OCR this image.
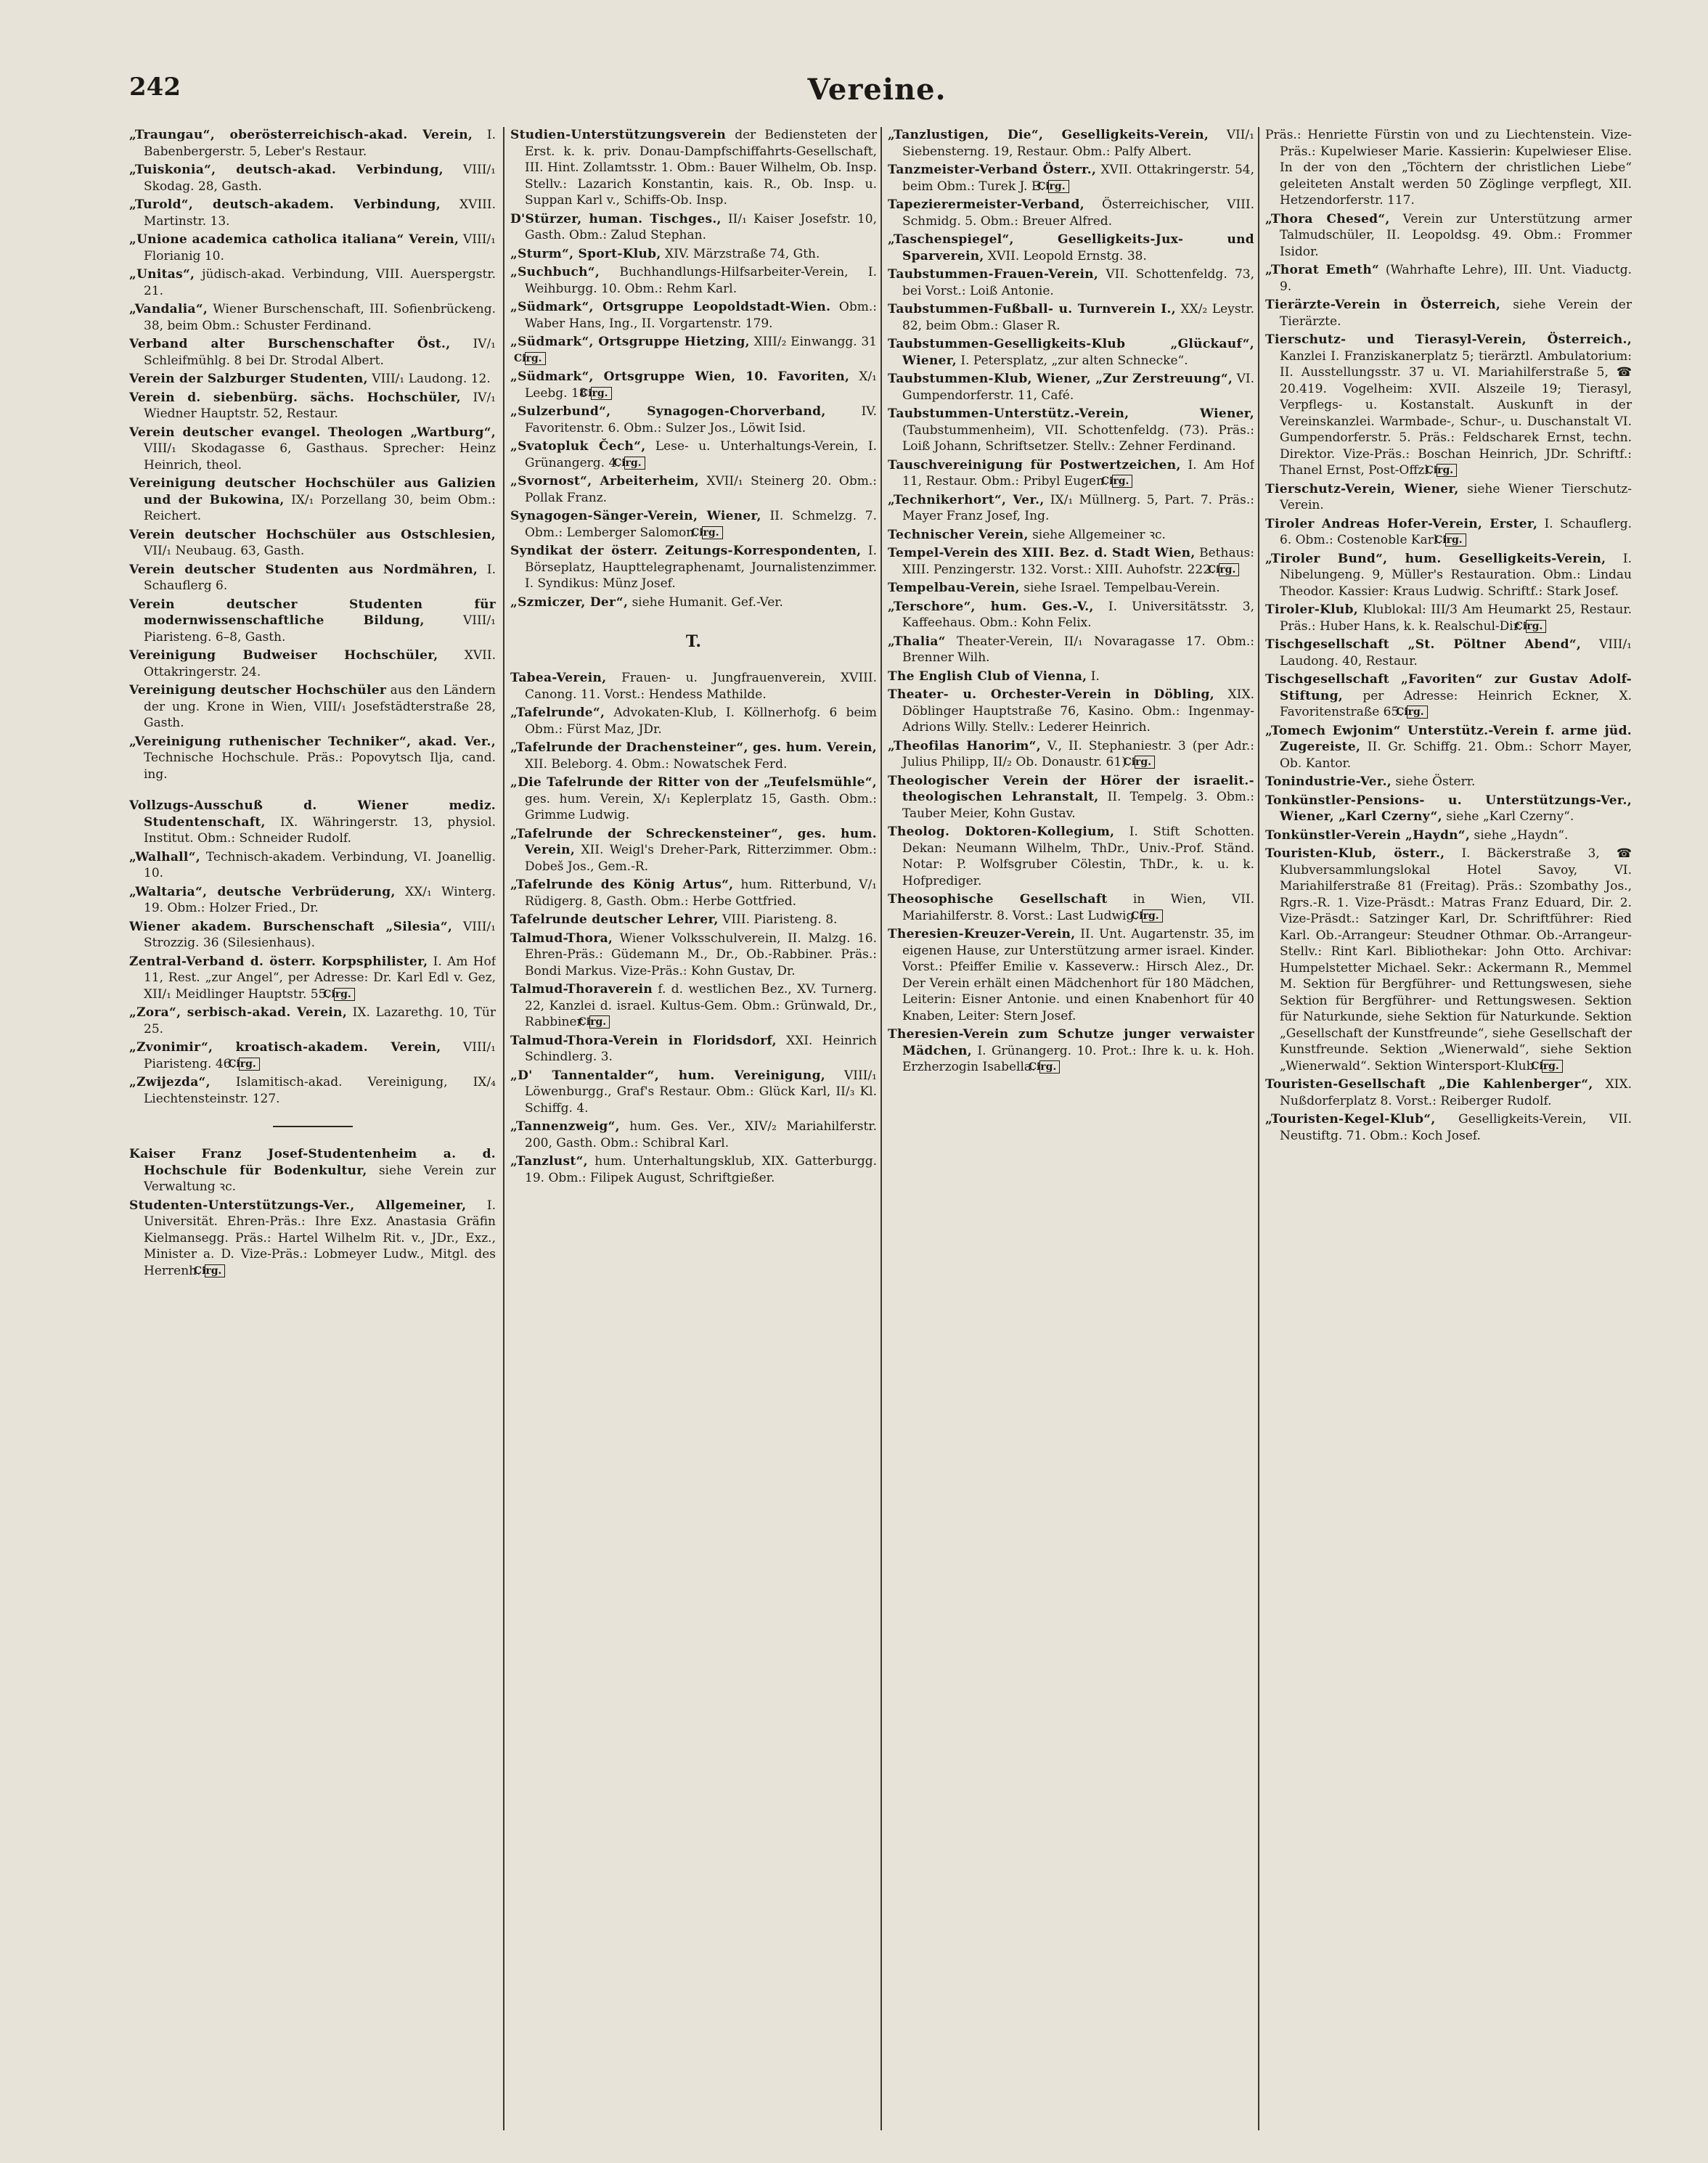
242	Vereine.
„Traungau“, oberösterreichisch-akad. Verein, I. Babenbergerstr. 5, Leber's Restaur.
„Tuiskonia“, deutsch-akad. Verbindung, VIII/₁ Skodag. 28, Gasth.
„Turold“, deutsch-akadem. Verbindung, XVIII. Martinstr. 13.
„Unione academica catholica italiana“ Verein, VIII/₁ Florianig 10.
„Unitas“, jüdisch-akad. Verbindung, VIII. Auerspergstr. 21.
„Vandalia“, Wiener Burschenschaft, III. Sofienbrückeng. 38, beim Obm.: Schuster Ferdinand.
Verband alter Burschenschafter Öst., IV/₁ Schleifmühlg. 8 bei Dr. Strodal Albert.
Verein der Salzburger Studenten, VIII/₁ Laudong. 12.
Verein d. siebenbürg. sächs. Hochschüler, IV/₁ Wiedner Hauptstr. 52, Restaur.
Verein deutscher evangel. Theologen „Wartburg“, VIII/₁ Skodagasse 6, Gasthaus. Sprecher: Heinz Heinrich, theol.
Vereinigung deutscher Hochschüler aus Galizien und der Bukowina, IX/₁ Porzellang 30, beim Obm.: Reichert.
Verein deutscher Hochschüler aus Ostschlesien, VII/₁ Neubaug. 63, Gasth.
Verein deutscher Studenten aus Nordmähren, I. Schauflerg 6.
Verein deutscher Studenten für modernwissenschaftliche Bildung, VIII/₁ Piaristeng. 6–8, Gasth.
Vereinigung Budweiser Hochschüler, XVII. Ottakringerstr. 24.
Vereinigung deutscher Hochschüler aus den Ländern der ung. Krone in Wien, VIII/₁ Josefstädterstraße 28, Gasth.
„Vereinigung ruthenischer Techniker“, akad. Ver., Technische Hochschule. Präs.: Popovytsch Ilja, cand. ing.
Vollzugs-Ausschuß d. Wiener mediz. Studentenschaft, IX. Währingerstr. 13, physiol. Institut. Obm.: Schneider Rudolf.
„Walhall“, Technisch-akadem. Verbindung, VI. Joanellig. 10.
„Waltaria“, deutsche Verbrüderung, XX/₁ Winterg. 19. Obm.: Holzer Fried., Dr.
Wiener akadem. Burschenschaft „Silesia“, VIII/₁ Strozzig. 36 (Silesienhaus).
Zentral-Verband d. österr. Korpsphilister, I. Am Hof 11, Rest. „zur Angel“, per Adresse: Dr. Karl Edl v. Gez, XII/₁ Meidlinger Hauptstr. 55. Cirg.
„Zora“, serbisch-akad. Verein, IX. Lazarethg. 10, Tür 25.
„Zvonimir“, kroatisch-akadem. Verein, VIII/₁ Piaristeng. 46. Cirg.
„Zwijezda“, Islamitisch-akad. Vereinigung, IX/₄ Liechtensteinstr. 127.
Kaiser Franz Josef-Studentenheim a. d. Hochschule für Bodenkultur, siehe Verein zur Verwaltung ꝛc.
Studenten-Unterstützungs-Ver., Allgemeiner, I. Universität. Ehren-Präs.: Ihre Exz. Anastasia Gräfin Kielmansegg. Präs.: Hartel Wilhelm Rit. v., JDr., Exz., Minister a. D. Vize-Präs.: Lobmeyer Ludw., Mitgl. des Herrenh. Cirg.
Studien-Unterstützungsverein der Bediensteten der Erst. k. k. priv. Donau-Dampfschiffahrts-Gesellschaft, III. Hint. Zollamtsstr. 1. Obm.: Bauer Wilhelm, Ob. Insp. Stellv.: Lazarich Konstantin, kais. R., Ob. Insp. u. Suppan Karl v., Schiffs-Ob. Insp.
D'Stürzer, human. Tischges., II/₁ Kaiser Josefstr. 10, Gasth. Obm.: Zalud Stephan.
„Sturm“, Sport-Klub, XIV. Märzstraße 74, Gth.
„Suchbuch“, Buchhandlungs-Hilfsarbeiter-Verein, I. Weihburgg. 10. Obm.: Rehm Karl.
„Südmark“, Ortsgruppe Leopoldstadt-Wien. Obm.: Waber Hans, Ing., II. Vorgartenstr. 179.
„Südmark“, Ortsgruppe Hietzing, XIII/₂ Einwangg. 31 Cirg.
„Südmark“, Ortsgruppe Wien, 10. Favoriten, X/₁ Leebg. 18 Cirg.
„Sulzerbund“, Synagogen-Chorverband, IV. Favoritenstr. 6. Obm.: Sulzer Jos., Löwit Isid.
„Svatopluk Čech“, Lese- u. Unterhaltungs-Verein, I. Grünangerg. 4. Cirg.
„Svornost“, Arbeiterheim, XVII/₁ Steinerg 20. Obm.: Pollak Franz.
Synagogen-Sänger-Verein, Wiener, II. Schmelzg. 7. Obm.: Lemberger Salomon. Cirg.
Syndikat der österr. Zeitungs-Korrespondenten, I. Börseplatz, Haupttelegraphenamt, Journalistenzimmer. I. Syndikus: Münz Josef.
„Szmiczer, Der“, siehe Humanit. Gef.-Ver.
T.
Tabea-Verein, Frauen- u. Jungfrauenverein, XVIII. Canong. 11. Vorst.: Hendess Mathilde.
„Tafelrunde“, Advokaten-Klub, I. Köllnerhofg. 6 beim Obm.: Fürst Maz, JDr.
„Tafelrunde der Drachensteiner“, ges. hum. Verein, XII. Beleborg. 4. Obm.: Nowatschek Ferd.
„Die Tafelrunde der Ritter von der „Teufelsmühle“, ges. hum. Verein, X/₁ Keplerplatz 15, Gasth. Obm.: Grimme Ludwig.
„Tafelrunde der Schreckensteiner“, ges. hum. Verein, XII. Weigl's Dreher-Park, Ritterzimmer. Obm.: Dobeš Jos., Gem.-R.
„Tafelrunde des König Artus“, hum. Ritterbund, V/₁ Rüdigerg. 8, Gasth. Obm.: Herbe Gottfried.
Tafelrunde deutscher Lehrer, VIII. Piaristeng. 8.
Talmud-Thora, Wiener Volksschulverein, II. Malzg. 16. Ehren-Präs.: Güdemann M., Dr., Ob.-Rabbiner. Präs.: Bondi Markus. Vize-Präs.: Kohn Gustav, Dr.
Talmud-Thoraverein f. d. westlichen Bez., XV. Turnerg. 22, Kanzlei d. israel. Kultus-Gem. Obm.: Grünwald, Dr., Rabbiner. Cirg.
Talmud-Thora-Verein in Floridsdorf, XXI. Heinrich Schindlerg. 3.
„D' Tannentalder“, hum. Vereinigung, VIII/₁ Löwenburgg., Graf's Restaur. Obm.: Glück Karl, II/₃ Kl. Schiffg. 4.
„Tannenzweig“, hum. Ges. Ver., XIV/₂ Mariahilferstr. 200, Gasth. Obm.: Schibral Karl.
„Tanzlust“, hum. Unterhaltungsklub, XIX. Gatterburgg. 19. Obm.: Filipek August, Schriftgießer.
„Tanzlustigen, Die“, Geselligkeits-Verein, VII/₁ Siebensterng. 19, Restaur. Obm.: Palfy Albert.
Tanzmeister-Verband Österr., XVII. Ottakringerstr. 54, beim Obm.: Turek J. E. Cirg.
Tapezierermeister-Verband, Österreichischer, VIII. Schmidg. 5. Obm.: Breuer Alfred.
„Taschenspiegel“, Geselligkeits-Jux- und Sparverein, XVII. Leopold Ernstg. 38.
Taubstummen-Frauen-Verein, VII. Schottenfeldg. 73, bei Vorst.: Loiß Antonie.
Taubstummen-Fußball- u. Turnverein I., XX/₂ Leystr. 82, beim Obm.: Glaser R.
Taubstummen-Geselligkeits-Klub „Glückauf“, Wiener, I. Petersplatz, „zur alten Schnecke“.
Taubstummen-Klub, Wiener, „Zur Zerstreuung“, VI. Gumpendorferstr. 11, Café.
Taubstummen-Unterstütz.-Verein, Wiener, (Taubstummenheim), VII. Schottenfeldg. (73). Präs.: Loiß Johann, Schriftsetzer. Stellv.: Zehner Ferdinand.
Tauschvereinigung für Postwertzeichen, I. Am Hof 11, Restaur. Obm.: Pribyl Eugen. Cirg.
„Technikerhort“, Ver., IX/₁ Müllnerg. 5, Part. 7. Präs.: Mayer Franz Josef, Ing.
Technischer Verein, siehe Allgemeiner ꝛc.
Tempel-Verein des XIII. Bez. d. Stadt Wien, Bethaus: XIII. Penzingerstr. 132. Vorst.: XIII. Auhofstr. 222. Cirg.
Tempelbau-Verein, siehe Israel. Tempelbau-Verein.
„Terschore“, hum. Ges.-V., I. Universitätsstr. 3, Kaffeehaus. Obm.: Kohn Felix.
„Thalia“ Theater-Verein, II/₁ Novaragasse 17. Obm.: Brenner Wilh.
The English Club of Vienna, I.
Theater- u. Orchester-Verein in Döbling, XIX. Döblinger Hauptstraße 76, Kasino. Obm.: Ingenmay-Adrions Willy. Stellv.: Lederer Heinrich.
„Theofilas Hanorim“, V., II. Stephaniestr. 3 (per Adr.: Julius Philipp, II/₂ Ob. Donaustr. 61). Cirg.
Theologischer Verein der Hörer der israelit.-theologischen Lehranstalt, II. Tempelg. 3. Obm.: Tauber Meier, Kohn Gustav.
Theolog. Doktoren-Kollegium, I. Stift Schotten. Dekan: Neumann Wilhelm, ThDr., Univ.-Prof. Ständ. Notar: P. Wolfsgruber Cölestin, ThDr., k. u. k. Hofprediger.
Theosophische Gesellschaft in Wien, VII. Mariahilferstr. 8. Vorst.: Last Ludwig. Cirg.
Theresien-Kreuzer-Verein, II. Unt. Augartenstr. 35, im eigenen Hause, zur Unterstützung armer israel. Kinder. Vorst.: Pfeiffer Emilie v. Kasseverw.: Hirsch Alez., Dr. Der Verein erhält einen Mädchenhort für 180 Mädchen, Leiterin: Eisner Antonie. und einen Knabenhort für 40 Knaben, Leiter: Stern Josef.
Theresien-Verein zum Schutze junger verwaister Mädchen, I. Grünangerg. 10. Prot.: Ihre k. u. k. Hoh. Erzherzogin Isabella. Cirg.
Präs.: Henriette Fürstin von und zu Liechtenstein. Vize-Präs.: Kupelwieser Marie. Kassierin: Kupelwieser Elise. In der von den „Töchtern der christlichen Liebe“ geleiteten Anstalt werden 50 Zöglinge verpflegt, XII. Hetzendorferstr. 117.
„Thora Chesed“, Verein zur Unterstützung armer Talmudschüler, II. Leopoldsg. 49. Obm.: Frommer Isidor.
„Thorat Emeth“ (Wahrhafte Lehre), III. Unt. Viaductg. 9.
Tierärzte-Verein in Österreich, siehe Verein der Tierärzte.
Tierschutz- und Tierasyl-Verein, Österreich., Kanzlei I. Franziskanerplatz 5; tierärztl. Ambulatorium: II. Ausstellungsstr. 37 u. VI. Mariahilferstraße 5, ☎ 20.419. Vogelheim: XVII. Alszeile 19; Tierasyl, Verpflegs- u. Kostanstalt. Auskunft in der Vereinskanzlei. Warmbade-, Schur-, u. Duschanstalt VI. Gumpendorferstr. 5. Präs.: Feldscharek Ernst, techn. Direktor. Vize-Präs.: Boschan Heinrich, JDr. Schriftf.: Thanel Ernst, Post-Offzl. Cirg.
Tierschutz-Verein, Wiener, siehe Wiener Tierschutz-Verein.
Tiroler Andreas Hofer-Verein, Erster, I. Schauflerg. 6. Obm.: Costenoble Karl. Cirg.
„Tiroler Bund“, hum. Geselligkeits-Verein, I. Nibelungeng. 9, Müller's Restauration. Obm.: Lindau Theodor. Kassier: Kraus Ludwig. Schriftf.: Stark Josef.
Tiroler-Klub, Klublokal: III/3 Am Heumarkt 25, Restaur. Präs.: Huber Hans, k. k. Realschul-Dir. Cirg.
Tischgesellschaft „St. Pöltner Abend“, VIII/₁ Laudong. 40, Restaur.
Tischgesellschaft „Favoriten“ zur Gustav Adolf-Stiftung, per Adresse: Heinrich Eckner, X. Favoritenstraße 65. Cirg.
„Tomech Ewjonim“ Unterstütz.-Verein f. arme jüd. Zugereiste, II. Gr. Schiffg. 21. Obm.: Schorr Mayer, Ob. Kantor.
Tonindustrie-Ver., siehe Österr.
Tonkünstler-Pensions- u. Unterstützungs-Ver., Wiener, „Karl Czerny“, siehe „Karl Czerny“.
Tonkünstler-Verein „Haydn“, siehe „Haydn“.
Touristen-Klub, österr., I. Bäckerstraße 3, ☎ Klubversammlungslokal Hotel Savoy, VI. Mariahilferstraße 81 (Freitag). Präs.: Szombathy Jos., Rgrs.-R. 1. Vize-Präsdt.: Matras Franz Eduard, Dir. 2. Vize-Präsdt.: Satzinger Karl, Dr. Schriftführer: Ried Karl. Ob.-Arrangeur: Steudner Othmar. Ob.-Arrangeur-Stellv.: Rint Karl. Bibliothekar: John Otto. Archivar: Humpelstetter Michael. Sekr.: Ackermann R., Memmel M. Sektion für Bergführer- und Rettungswesen, siehe Sektion für Bergführer- und Rettungswesen. Sektion für Naturkunde, siehe Sektion für Naturkunde. Sektion „Gesellschaft der Kunstfreunde“, siehe Gesellschaft der Kunstfreunde. Sektion „Wienerwald“, siehe Sektion „Wienerwald“. Sektion Wintersport-Klub. Cirg.
Touristen-Gesellschaft „Die Kahlenberger“, XIX. Nußdorferplatz 8. Vorst.: Reiberger Rudolf.
„Touristen-Kegel-Klub“, Geselligkeits-Verein, VII. Neustiftg. 71. Obm.: Koch Josef.
